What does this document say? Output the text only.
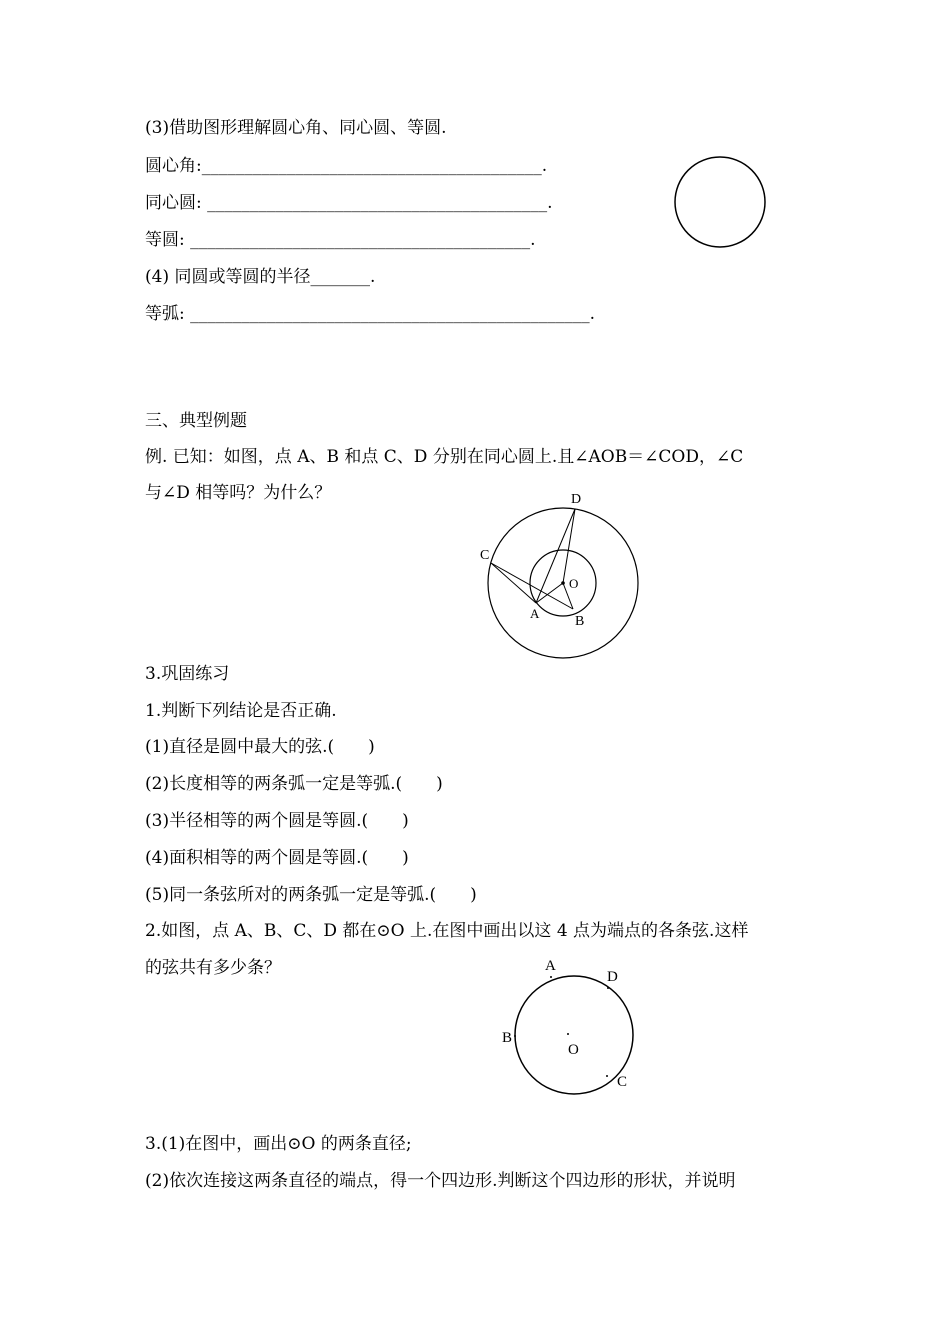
(3)借助图形理解圆心角、同心圆、等圆.
圆心角:________________________________________.
同心圆: ________________________________________.
等圆: ________________________________________.
(4) 同圆或等圆的半径_______.
等弧: _______________________________________________.
三、典型例题
例. 已知：如图，点 A、B 和点 C、D 分别在同心圆上.且∠AOB＝∠COD，∠C
与∠D 相等吗？为什么？
C
D
O
A
B
3.巩固练习
1.判断下列结论是否正确.
(1)直径是圆中最大的弦.(　　)
(2)长度相等的两条弧一定是等弧.(　　)
(3)半径相等的两个圆是等圆.(　　)
(4)面积相等的两个圆是等圆.(　　)
(5)同一条弦所对的两条弧一定是等弧.(　　)
2.如图，点 A、B、C、D 都在⊙O 上.在图中画出以这 4 点为端点的各条弦.这样
的弦共有多少条？	A
D
B
O
C
3.(1)在图中，画出⊙O 的两条直径;
(2)依次连接这两条直径的端点，得一个四边形.判断这个四边形的形状，并说明
